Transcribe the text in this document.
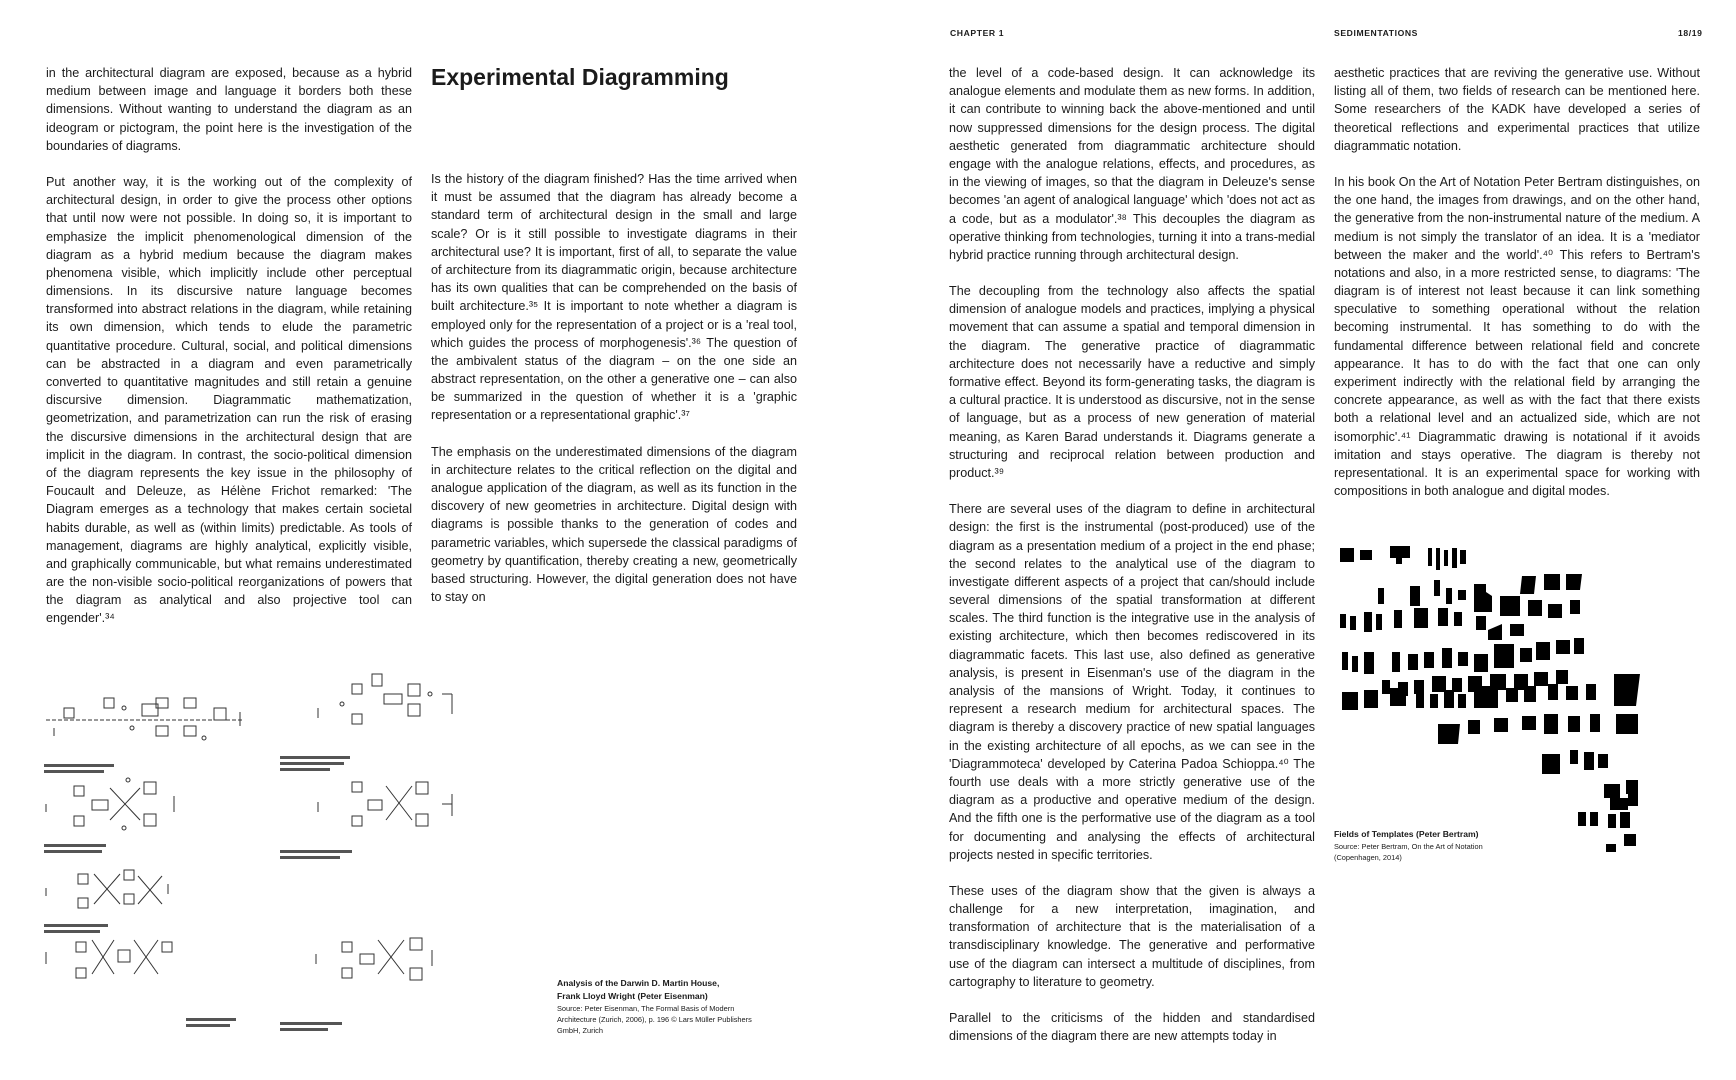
in the architectural diagram are exposed, because as a hybrid medium between image and language it borders both these dimensions. Without wanting to understand the diagram as an ideogram or pictogram, the point here is the investigation of the boundaries of diagrams.

Put another way, it is the working out of the complexity of architectural design, in order to give the process other options that until now were not possible. In doing so, it is important to emphasize the implicit phenomenological dimension of the diagram as a hybrid medium because the diagram makes phenomena visible, which implicitly include other perceptual dimensions. In its discursive nature language becomes transformed into abstract relations in the diagram, while retaining its own dimension, which tends to elude the parametric quantitative procedure. Cultural, social, and political dimensions can be abstracted in a diagram and even parametrically converted to quantitative magnitudes and still retain a genuine discursive dimension. Diagrammatic mathematization, geometrization, and parametrization can run the risk of erasing the discursive dimensions in the architectural design that are implicit in the diagram. In contrast, the socio-political dimension of the diagram represents the key issue in the philosophy of Foucault and Deleuze, as Hélène Frichot remarked: 'The Diagram emerges as a technology that makes certain societal habits durable, as well as (within limits) predictable. As tools of management, diagrams are highly analytical, explicitly visible, and graphically communicable, but what remains underestimated are the non-visible socio-political reorganizations of powers that the diagram as analytical and also projective tool can engender'.³⁴

Experimental Diagramming

Is the history of the diagram finished? Has the time arrived when it must be assumed that the diagram has already become a standard term of architectural design in the small and large scale? Or is it still possible to investigate diagrams in their architectural use? It is important, first of all, to separate the value of architecture from its diagrammatic origin, because architecture has its own qualities that can be comprehended on the basis of built architecture.³⁵ It is important to note whether a diagram is employed only for the representation of a project or is a 'real tool, which guides the process of morphogenesis'.³⁶ The question of the ambivalent status of the diagram – on the one side an abstract representation, on the other a generative one – can also be summarized in the question of whether it is a 'graphic representation or a representational graphic'.³⁷

The emphasis on the underestimated dimensions of the diagram in architecture relates to the critical reflection on the digital and analogue application of the diagram, as well as its function in the discovery of new geometries in architecture. Digital design with diagrams is possible thanks to the generation of codes and parametric variables, which supersede the classical paradigms of geometry by quantification, thereby creating a new, geometrically based structuring. However, the digital generation does not have to stay on

Analysis of the Darwin D. Martin House,
Frank Lloyd Wright (Peter Eisenman)
Source: Peter Eisenman, The Formal Basis of Modern Architecture (Zurich, 2006), p. 196 © Lars Müller Publishers GmbH, Zurich
CHAPTER 1	SEDIMENTATIONS	18/19

the level of a code-based design. It can acknowledge its analogue elements and modulate them as new forms. In addition, it can contribute to winning back the above-mentioned and until now suppressed dimensions for the design process. The digital aesthetic generated from diagrammatic architecture should engage with the analogue relations, effects, and procedures, as in the viewing of images, so that the diagram in Deleuze's sense becomes 'an agent of analogical language' which 'does not act as a code, but as a modulator'.³⁸ This decouples the diagram as operative thinking from technologies, turning it into a trans-medial hybrid practice running through architectural design.

The decoupling from the technology also affects the spatial dimension of analogue models and practices, implying a physical movement that can assume a spatial and temporal dimension in the diagram. The generative practice of diagrammatic architecture does not necessarily have a reductive and simply formative effect. Beyond its form-generating tasks, the diagram is a cultural practice. It is understood as discursive, not in the sense of language, but as a process of new generation of material meaning, as Karen Barad understands it. Diagrams generate a structuring and reciprocal relation between production and product.³⁹

There are several uses of the diagram to define in architectural design: the first is the instrumental (post-produced) use of the diagram as a presentation medium of a project in the end phase; the second relates to the analytical use of the diagram to investigate different aspects of a project that can/should include several dimensions of the spatial transformation at different scales. The third function is the integrative use in the analysis of existing architecture, which then becomes rediscovered in its diagrammatic facets. This last use, also defined as generative analysis, is present in Eisenman's use of the diagram in the analysis of the mansions of Wright. Today, it continues to represent a research medium for architectural spaces. The diagram is thereby a discovery practice of new spatial languages in the existing architecture of all epochs, as we can see in the 'Diagrammoteca' developed by Caterina Padoa Schioppa.⁴⁰ The fourth use deals with a more strictly generative use of the diagram as a productive and operative medium of the design. And the fifth one is the performative use of the diagram as a tool for documenting and analysing the effects of architectural projects nested in specific territories.

These uses of the diagram show that the given is always a challenge for a new interpretation, imagination, and transformation of architecture that is the materialisation of a transdisciplinary knowledge. The generative and performative use of the diagram can intersect a multitude of disciplines, from cartography to literature to geometry.

Parallel to the criticisms of the hidden and standardised dimensions of the diagram there are new attempts today in

aesthetic practices that are reviving the generative use. Without listing all of them, two fields of research can be mentioned here. Some researchers of the KADK have developed a series of theoretical reflections and experimental practices that utilize diagrammatic notation.

In his book On the Art of Notation Peter Bertram distinguishes, on the one hand, the images from drawings, and on the other hand, the generative from the non-instrumental nature of the medium. A medium is not simply the translator of an idea. It is a 'mediator between the maker and the world'.⁴⁰ This refers to Bertram's notations and also, in a more restricted sense, to diagrams: 'The diagram is of interest not least because it can link something speculative to something operational without the relation becoming instrumental. It has something to do with the fundamental difference between relational field and concrete appearance. It has to do with the fact that one can only experiment indirectly with the relational field by arranging the concrete appearance, as well as with the fact that there exists both a relational level and an actualized side, which are not isomorphic'.⁴¹ Diagrammatic drawing is notational if it avoids imitation and stays operative. The diagram is thereby not representational. It is an experimental space for working with compositions in both analogue and digital modes.

Fields of Templates (Peter Bertram)
Source: Peter Bertram, On the Art of Notation
(Copenhagen, 2014)
